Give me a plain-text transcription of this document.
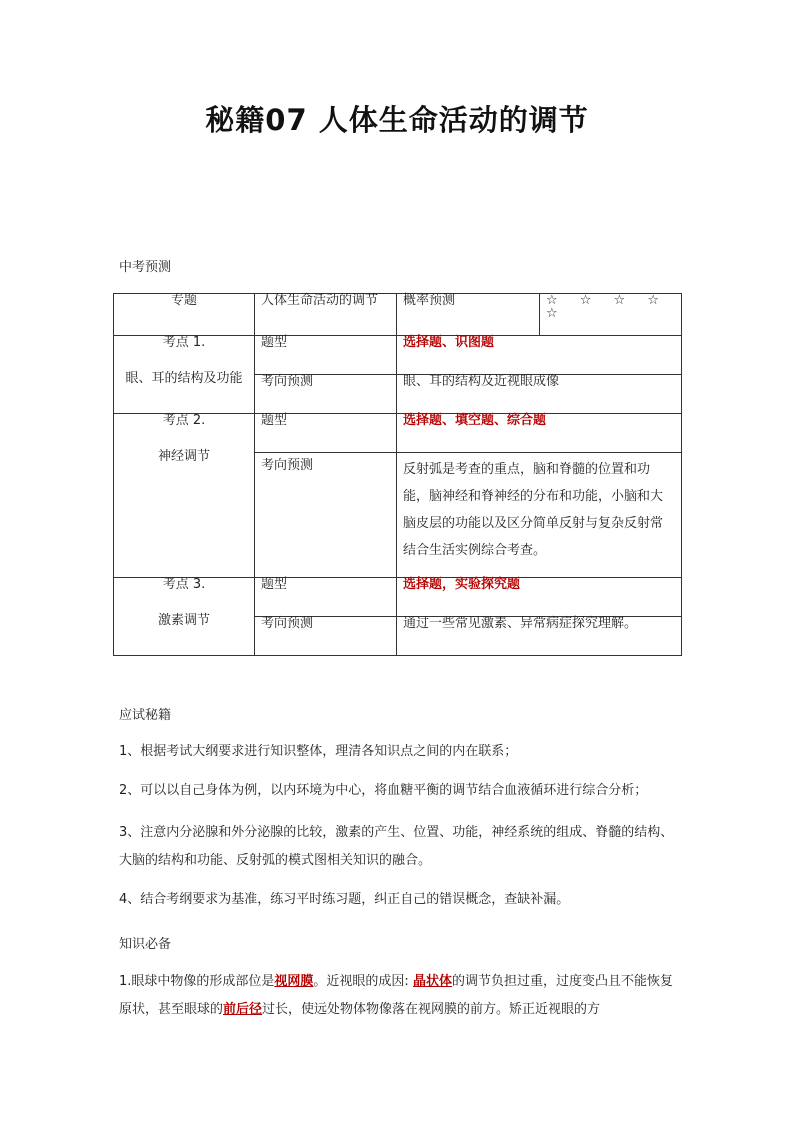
秘籍07 人体生命活动的调节
中考预测
专题	人体生命活动的调节	概率预测	☆ ☆ ☆ ☆ ☆

考点 1.
眼、耳的结构及功能	题型	选择题、识图题	
	考向预测	眼、耳的结构及近视眼成像	

考点 2.
神经调节	题型	选择题、填空题、综合题	
	考向预测	反射弧是考查的重点，脑和脊髓的位置和功能，脑神经和脊神经的分布和功能，小脑和大脑皮层的功能以及区分简单反射与复杂反射常结合生活实例综合考查。	

考点 3.
激素调节	题型	选择题，实验探究题	
	考向预测	通过一些常见激素、异常病症探究理解。	
应试秘籍
1、根据考试大纲要求进行知识整体，理清各知识点之间的内在联系；
2、可以以自己身体为例，以内环境为中心，将血糖平衡的调节结合血液循环进行综合分析；
3、注意内分泌腺和外分泌腺的比较，激素的产生、位置、功能，神经系统的组成、脊髓的结构、大脑的结构和功能、反射弧的模式图相关知识的融合。
4、结合考纲要求为基准，练习平时练习题，纠正自己的错误概念，查缺补漏。
知识必备
1.眼球中物像的形成部位是视网膜。近视眼的成因: 晶状体的调节负担过重，过度变凸且不能恢复原状，甚至眼球的前后径过长，使远处物体物像落在视网膜的前方。矫正近视眼的方
